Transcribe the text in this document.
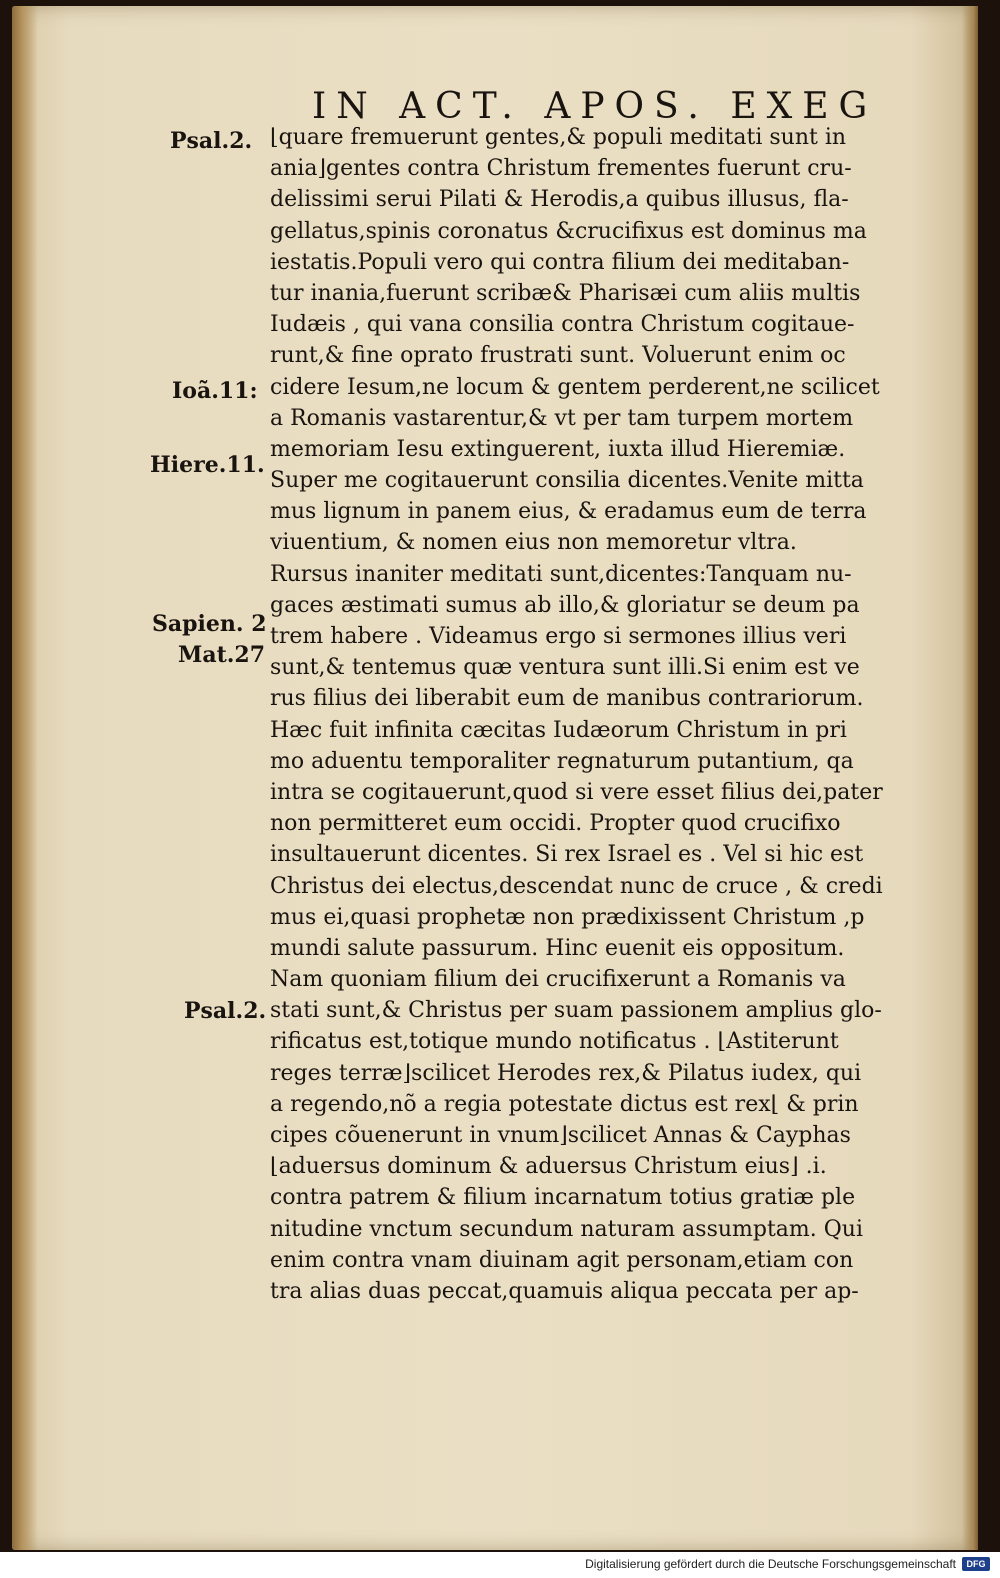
IN ACT. APOS. EXEG
Psal.2.
Ioã.11:
Hiere.11.
Sapien. 2
Mat.27
Psal.2.
⌊quare fremuerunt gentes,& populi meditati sunt in
ania⌋gentes contra Christum frementes fuerunt cru-
delissimi serui Pilati & Herodis,a quibus illusus, fla-
gellatus,spinis coronatus &crucifixus est dominus ma
iestatis.Populi vero qui contra filium dei meditaban-
tur inania,fuerunt scribæ& Pharisæi cum aliis multis
Iudæis , qui vana consilia contra Christum cogitaue-
runt,& fine oprato frustrati sunt. Voluerunt enim oc
cidere Iesum,ne locum & gentem perderent,ne scilicet
a Romanis vastarentur,& vt per tam turpem mortem
memoriam Iesu extinguerent, iuxta illud Hieremiæ.
Super me cogitauerunt consilia dicentes.Venite mitta
mus lignum in panem eius, & eradamus eum de terra
viuentium, & nomen eius non memoretur vltra.
Rursus inaniter meditati sunt,dicentes:Tanquam nu-
gaces æstimati sumus ab illo,& gloriatur se deum pa
trem habere . Videamus ergo si sermones illius veri
sunt,& tentemus quæ ventura sunt illi.Si enim est ve
rus filius dei liberabit eum de manibus contrariorum.
Hæc fuit infinita cæcitas Iudæorum Christum in pri
mo aduentu temporaliter regnaturum putantium, qa
intra se cogitauerunt,quod si vere esset filius dei,pater
non permitteret eum occidi. Propter quod crucifixo
insultauerunt dicentes. Si rex Israel es . Vel si hic est
Christus dei electus,descendat nunc de cruce , & credi
mus ei,quasi prophetæ non prædixissent Christum ,p
mundi salute passurum. Hinc euenit eis oppositum.
Nam quoniam filium dei crucifixerunt a Romanis va
stati sunt,& Christus per suam passionem amplius glo-
rificatus est,totique mundo notificatus . ⌊Astiterunt
reges terræ⌋scilicet Herodes rex,& Pilatus iudex, qui
a regendo,nõ a regia potestate dictus est rex⌊ & prin
cipes cõuenerunt in vnum⌋scilicet Annas & Cayphas
⌊aduersus dominum & aduersus Christum eius⌋ .i.
contra patrem & filium incarnatum totius gratiæ ple
nitudine vnctum secundum naturam assumptam. Qui
enim contra vnam diuinam agit personam,etiam con
tra alias duas peccat,quamuis aliqua peccata per ap-
Digitalisierung gefördert durch die Deutsche Forschungsgemeinschaft	DFG
